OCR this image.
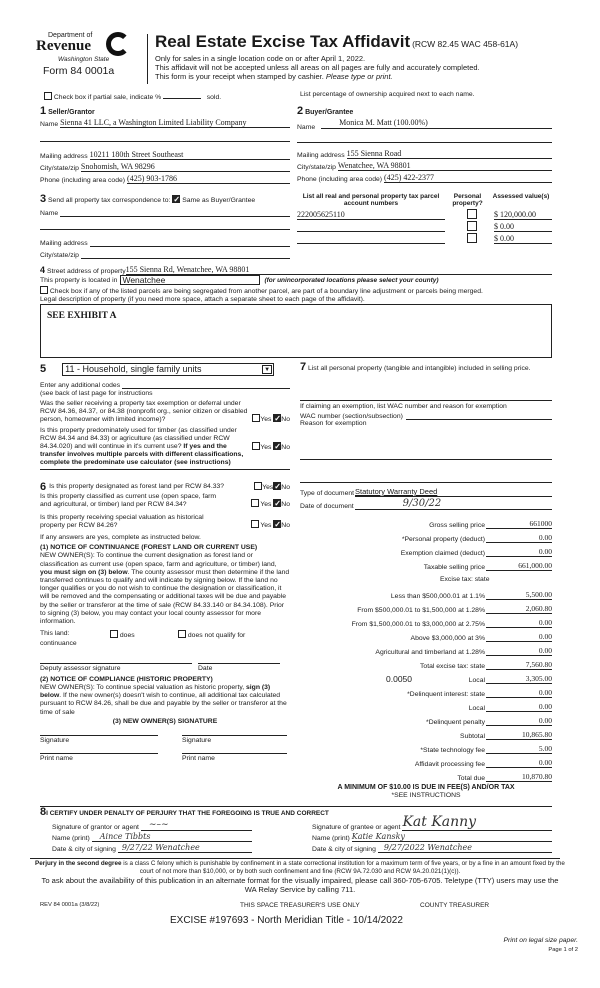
Department of
Revenue
Washington State
Form 84 0001a
Real Estate Excise Tax Affidavit (RCW 82.45 WAC 458-61A)
Only for sales in a single location code on or after April 1, 2022.
This affidavit will not be accepted unless all areas on all pages are fully and accurately completed.
This form is your receipt when stamped by cashier. Please type or print.
Check box if partial sale, indicate %	sold.	List percentage of ownership acquired next to each name.
1 Seller/Grantor
Name Sienna 41 LLC, a Washington Limited Liability Company
Mailing address 10211 180th Street Southeast
City/state/zip Snohomish, WA 98296
Phone (including area code) (425) 903-1786
2 Buyer/Grantee
Name
Monica M. Matt (100.00%)
Mailing address 155 Sienna Road
City/state/zip Wenatchee, WA 98801
Phone (including area code) (425) 422-2377
3 Send all property tax correspondence to: ✓ Same as Buyer/Grantee
Name
Mailing address
City/state/zip
List all real and personal property tax parcel account numbers
Personal property?
Assessed value(s)
222005625110	$ 120,000.00
$ 0.00
$ 0.00
4 Street address of property 155 Sienna Rd, Wenatchee, WA 98801
This property is located in Wenatchee	(for unincorporated locations please select your county)
Check box if any of the listed parcels are being segregated from another parcel, are part of a boundary line adjustment or parcels being merged.
Legal description of property (if you need more space, attach a separate sheet to each page of the affidavit).
SEE EXHIBIT A
5 11 - Household, single family units	▼
Enter any additional codes
(see back of last page for instructions
Was the seller receiving a property tax exemption or deferral under RCW 84.36, 84.37, or 84.38 (nonprofit org., senior citizen or disabled person, homeowner with limited income)?	Yes ✓ No
Is this property predominately used for timber (as classified under RCW 84.34 and 84.33) or agriculture (as classified under RCW 84.34.020) and will continue in it's current use? If yes and the transfer involves multiple parcels with different classifications, complete the predominate use calculator (see instructions)
Yes ✓ No
7 List all personal property (tangible and intangible) included in selling price.
If claiming an exemption, list WAC number and reason for exemption
WAC number (section/subsection)
Reason for exemption
6 Is this property designated as forest land per RCW 84.33?	Yes ✓ No
Is this property classified as current use (open space, farm and agricultural, or timber) land per RCW 84.34?	Yes ✓ No
Is this property receiving special valuation as historical property per RCW 84.26?	Yes ✓ No
If any answers are yes, complete as instructed below.
(1) NOTICE OF CONTINUANCE (FOREST LAND OR CURRENT USE)
NEW OWNER(S): To continue the current designation as forest land or classification as current use (open space, farm and agriculture, or timber) land, you must sign on (3) below. The county assessor must then determine if the land transferred continues to qualify and will indicate by signing below. If the land no longer qualifies or you do not wish to continue the designation or classification, it will be removed and the compensating or additional taxes will be due and payable by the seller or transferor at the time of sale (RCW 84.33.140 or 84.34.108). Prior to signing (3) below, you may contact your local county assessor for more information.
This land:	does	does not qualify for
continuance
Deputy assessor signature	Date
(2) NOTICE OF COMPLIANCE (HISTORIC PROPERTY)
NEW OWNER(S): To continue special valuation as historic property, sign (3) below. If the new owner(s) doesn't wish to continue, all additional tax calculated pursuant to RCW 84.26, shall be due and payable by the seller or transferor at the time of sale
(3) NEW OWNER(S) SIGNATURE
Signature	Signature
Print name	Print name
Type of document Statutory Warranty Deed
Date of document	9/30/22
Gross selling price	661000
*Personal property (deduct)	0.00
Exemption claimed (deduct)	0.00
Taxable selling price	661,000.00
Excise tax: state
Less than $500,000.01 at 1.1%	5,500.00
From $500,000.01 to $1,500,000 at 1.28%	2,060.80
From $1,500,000.01 to $3,000,000 at 2.75%	0.00
Above $3,000,000 at 3%	0.00
Agricultural and timberland at 1.28%	0.00
Total excise tax: state	7,560.80
0.0050	Local	3,305.00
*Delinquent interest: state	0.00
Local	0.00
*Delinquent penalty	0.00
Subtotal	10,865.80
*State technology fee	5.00
Affidavit processing fee	0.00
Total due	10,870.80
A MINIMUM OF $10.00 IS DUE IN FEE(S) AND/OR TAX
*SEE INSTRUCTIONS
8I CERTIFY UNDER PENALTY OF PERJURY THAT THE FOREGOING IS TRUE AND CORRECT
Signature of grantor or agent	∼–∼
Name (print)	Aince Tibbts
Date & city of signing 9/27/22 Wenatchee
Signature of grantee or agent Kat Kanny
Name (print) Katie Kansky
Date & city of signing	9/27/2022 Wenatchee
Perjury in the second degree is a class C felony which is punishable by confinement in a state correctional institution for a maximum term of five years, or by a fine in an amount fixed by the court of not more than $10,000, or by both such confinement and fine (RCW 9A.72.030 and RCW 9A.20.021(1)(c)).
To ask about the availability of this publication in an alternate format for the visually impaired, please call 360-705-6705. Teletype (TTY) users may use the WA Relay Service by calling 711.
REV 84 0001a (3/8/22)	THIS SPACE TREASURER'S USE ONLY	COUNTY TREASURER
EXCISE #197693 - North Meridian Title - 10/14/2022
Print on legal size paper.
Page 1 of 2
